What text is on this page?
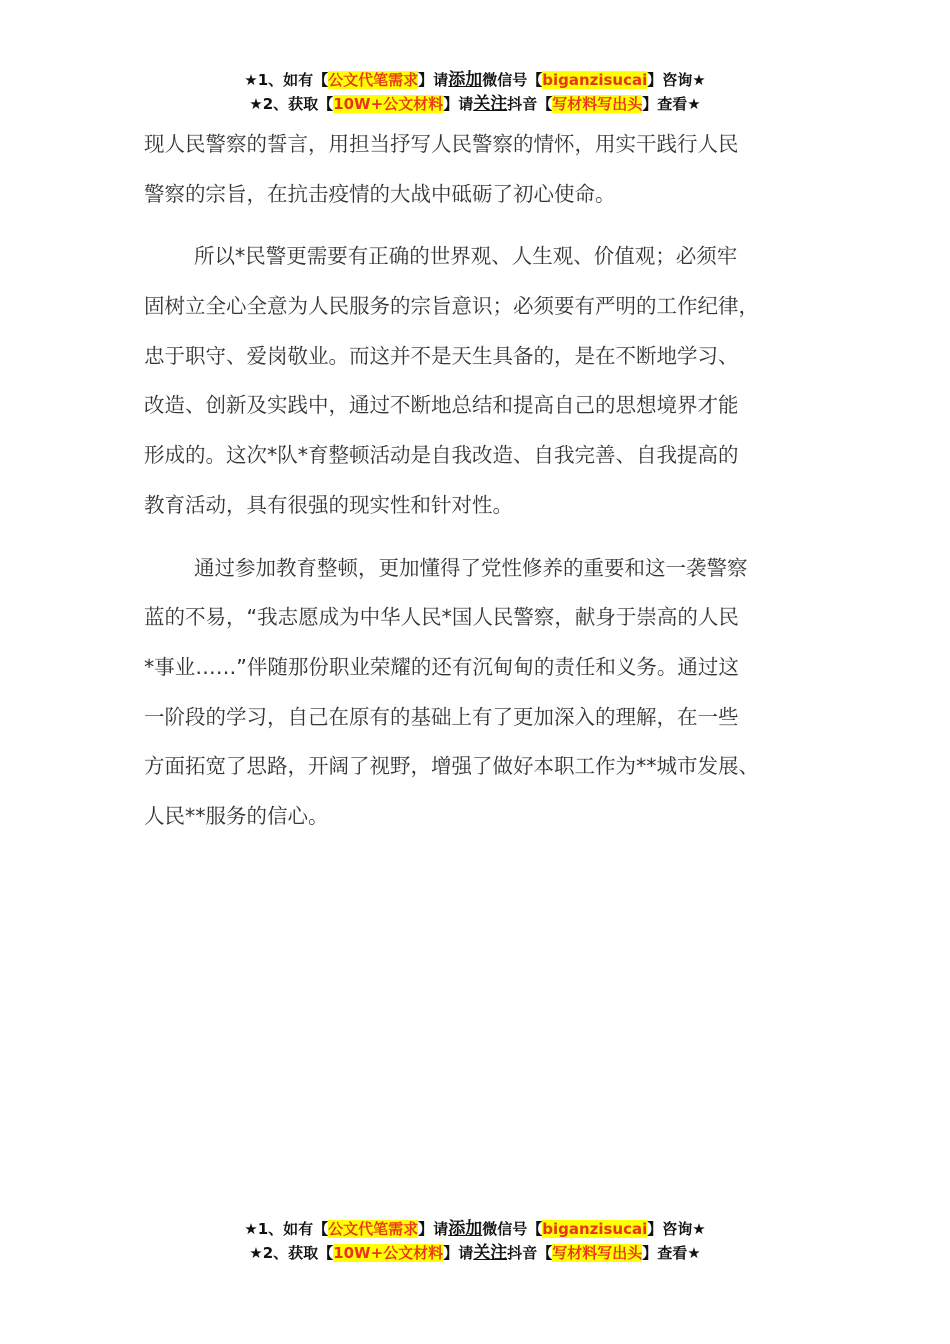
★1、如有【公文代笔需求】请添加微信号【biganzisucai】咨询★
★2、获取【10W+公文材料】请关注抖音【写材料写出头】查看★
现人民警察的誓言，用担当抒写人民警察的情怀，用实干践行人民
警察的宗旨，在抗击疫情的大战中砥砺了初心使命。
所以*民警更需要有正确的世界观、人生观、价值观；必须牢
固树立全心全意为人民服务的宗旨意识；必须要有严明的工作纪律，
忠于职守、爱岗敬业。而这并不是天生具备的，是在不断地学习、
改造、创新及实践中，通过不断地总结和提高自己的思想境界才能
形成的。这次*队*育整顿活动是自我改造、自我完善、自我提高的
教育活动，具有很强的现实性和针对性。
通过参加教育整顿，更加懂得了党性修养的重要和这一袭警察
蓝的不易，“我志愿成为中华人民*国人民警察，献身于崇高的人民
*事业……”伴随那份职业荣耀的还有沉甸甸的责任和义务。通过这
一阶段的学习，自己在原有的基础上有了更加深入的理解，在一些
方面拓宽了思路，开阔了视野，增强了做好本职工作为**城市发展、
人民**服务的信心。
★1、如有【公文代笔需求】请添加微信号【biganzisucai】咨询★
★2、获取【10W+公文材料】请关注抖音【写材料写出头】查看★
